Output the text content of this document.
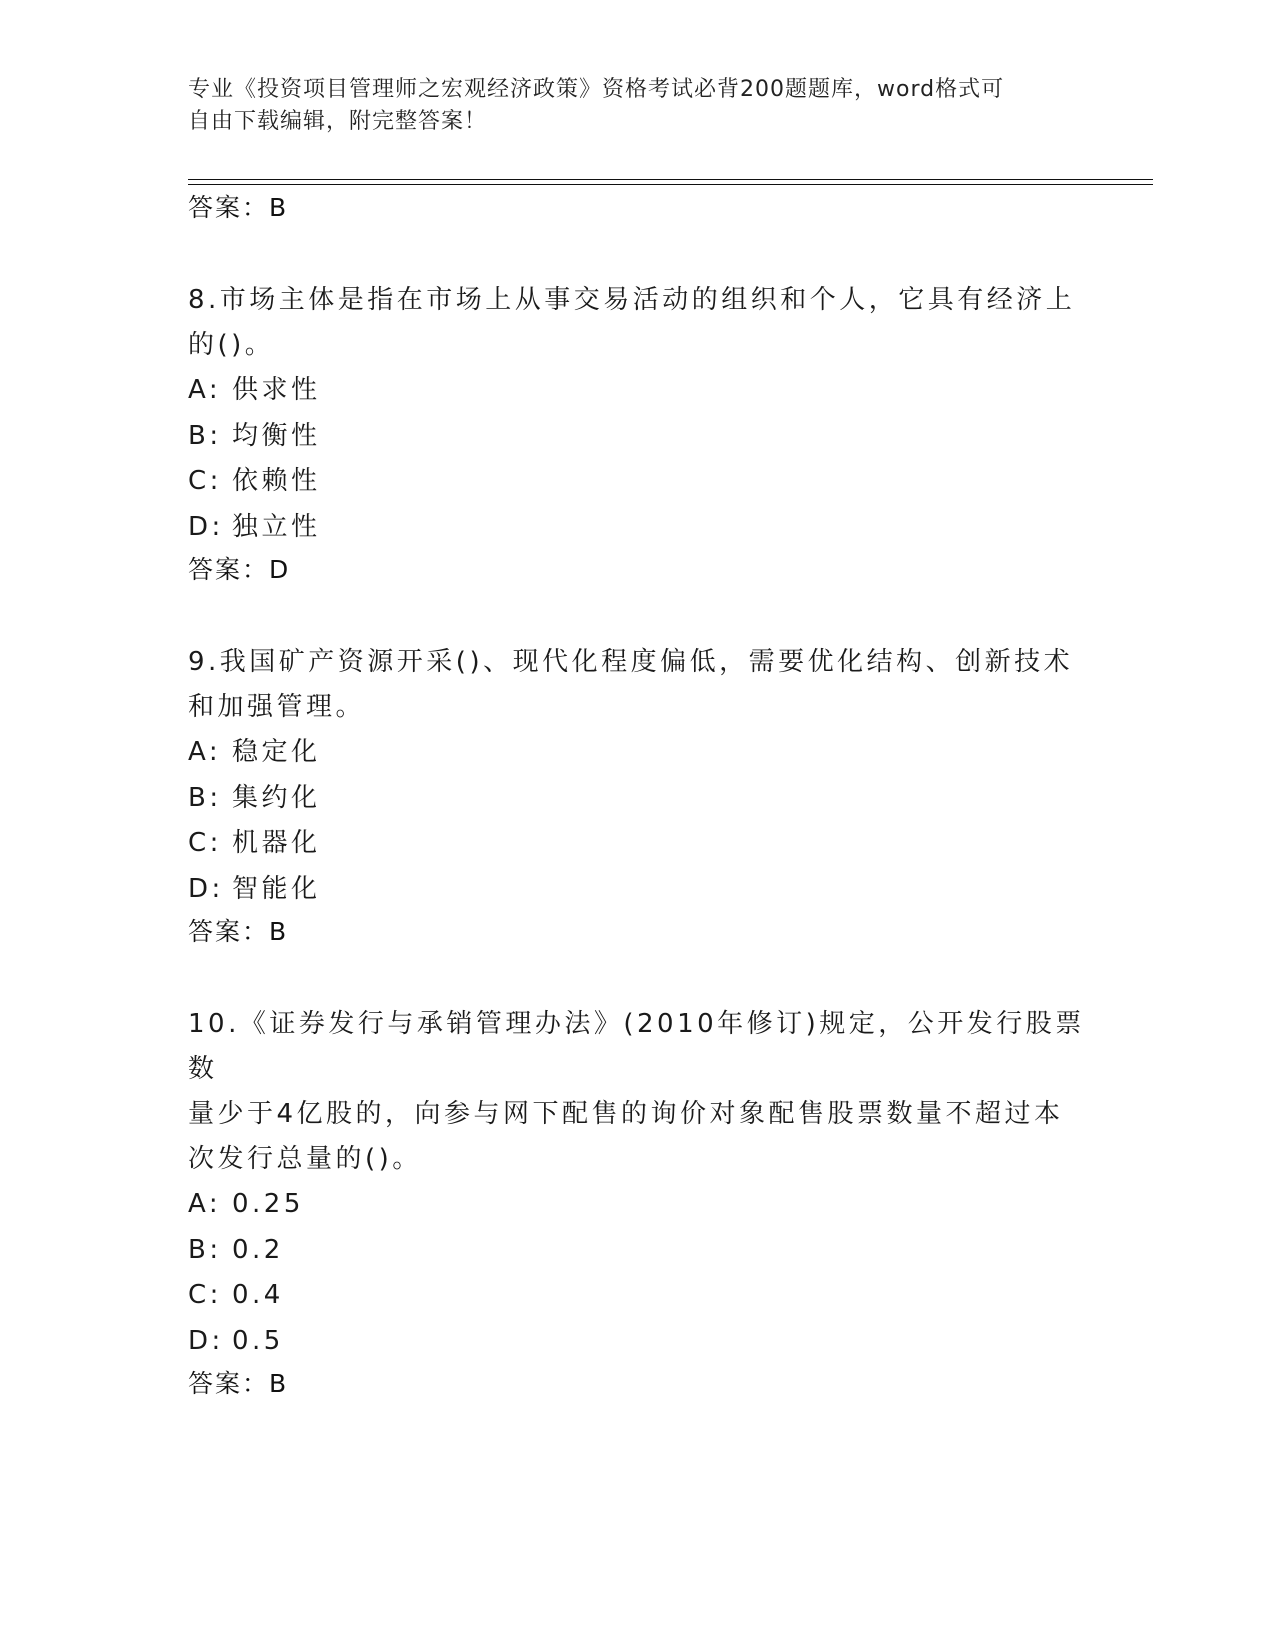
专业《投资项目管理师之宏观经济政策》资格考试必背200题题库，word格式可
自由下载编辑，附完整答案！
答案：B
8.市场主体是指在市场上从事交易活动的组织和个人，它具有经济上
的()。
A: 供求性
B: 均衡性
C: 依赖性
D: 独立性
答案：D
9.我国矿产资源开采()、现代化程度偏低，需要优化结构、创新技术
和加强管理。
A: 稳定化
B: 集约化
C: 机器化
D: 智能化
答案：B
10.《证券发行与承销管理办法》(2010年修订)规定，公开发行股票数
量少于4亿股的，向参与网下配售的询价对象配售股票数量不超过本
次发行总量的()。
A: 0.25
B: 0.2
C: 0.4
D: 0.5
答案：B
